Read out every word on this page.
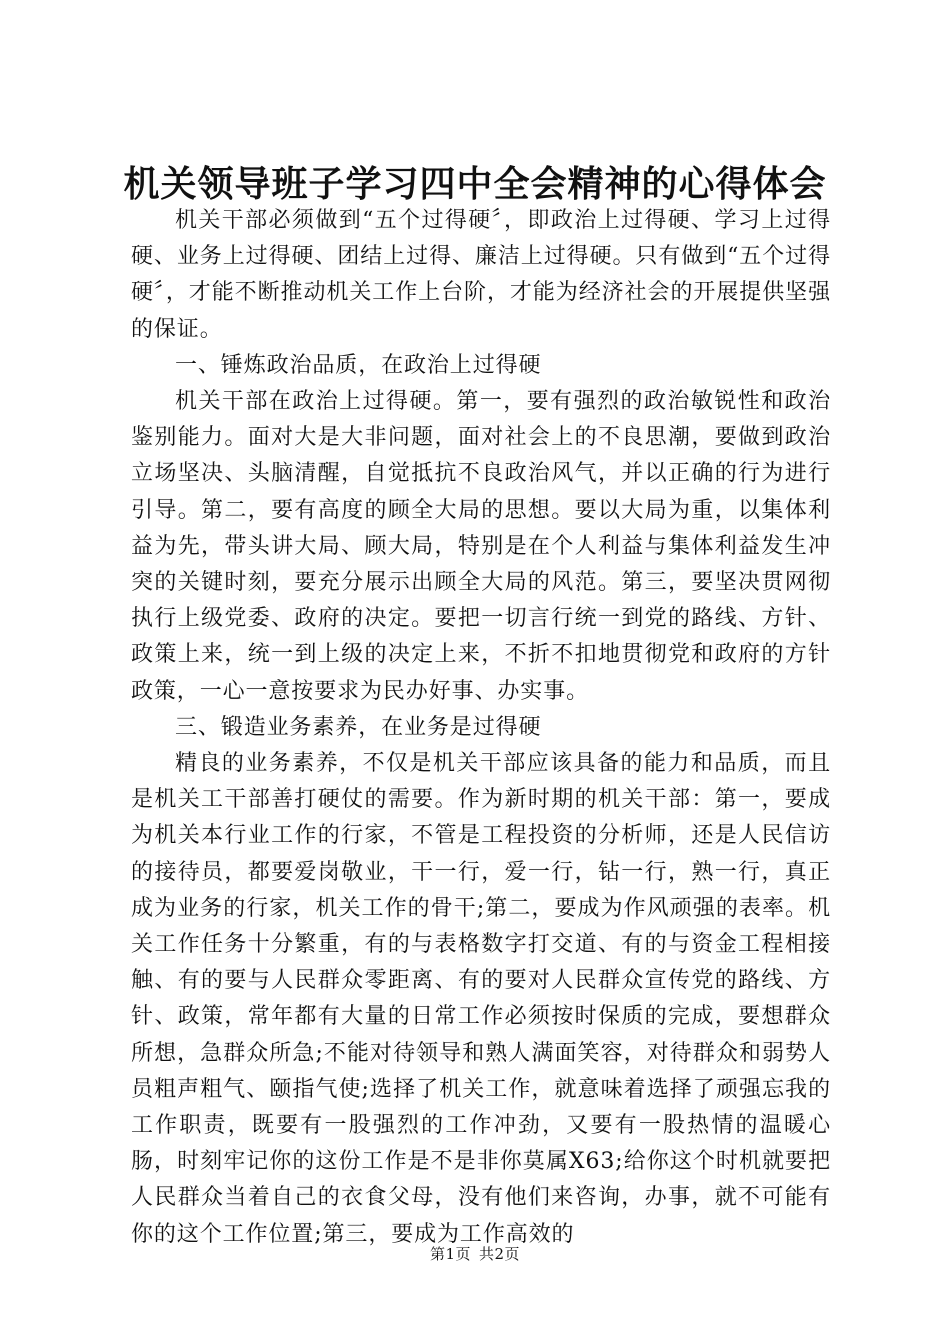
机关领导班子学习四中全会精神的心得体会

机关干部必须做到“五个过得硬〞，即政治上过得硬、学习上过得硬、业务上过得硬、团结上过得、廉洁上过得硬。只有做到“五个过得硬〞，才能不断推动机关工作上台阶，才能为经济社会的开展提供坚强的保证。

一、锤炼政治品质，在政治上过得硬

机关干部在政治上过得硬。第一，要有强烈的政治敏锐性和政治鉴别能力。面对大是大非问题，面对社会上的不良思潮，要做到政治立场坚决、头脑清醒，自觉抵抗不良政治风气，并以正确的行为进行引导。第二，要有高度的顾全大局的思想。要以大局为重，以集体利益为先，带头讲大局、顾大局，特别是在个人利益与集体利益发生冲突的关键时刻，要充分展示出顾全大局的风范。第三，要坚决贯网彻执行上级党委、政府的决定。要把一切言行统一到党的路线、方针、政策上来，统一到上级的决定上来，不折不扣地贯彻党和政府的方针政策，一心一意按要求为民办好事、办实事。

三、锻造业务素养，在业务是过得硬

精良的业务素养，不仅是机关干部应该具备的能力和品质，而且是机关工干部善打硬仗的需要。作为新时期的机关干部：第一，要成为机关本行业工作的行家，不管是工程投资的分析师，还是人民信访的接待员，都要爱岗敬业，干一行，爱一行，钻一行，熟一行，真正成为业务的行家，机关工作的骨干;第二，要成为作风顽强的表率。机关工作任务十分繁重，有的与表格数字打交道、有的与资金工程相接触、有的要与人民群众零距离、有的要对人民群众宣传党的路线、方针、政策，常年都有大量的日常工作必须按时保质的完成，要想群众所想，急群众所急;不能对待领导和熟人满面笑容，对待群众和弱势人员粗声粗气、颐指气使;选择了机关工作，就意味着选择了顽强忘我的工作职责，既要有一股强烈的工作冲劲，又要有一股热情的温暖心肠，时刻牢记你的这份工作是不是非你莫属X63;给你这个时机就要把人民群众当着自己的衣食父母，没有他们来咨询，办事，就不可能有你的这个工作位置;第三，要成为工作高效的

第1页 共2页
